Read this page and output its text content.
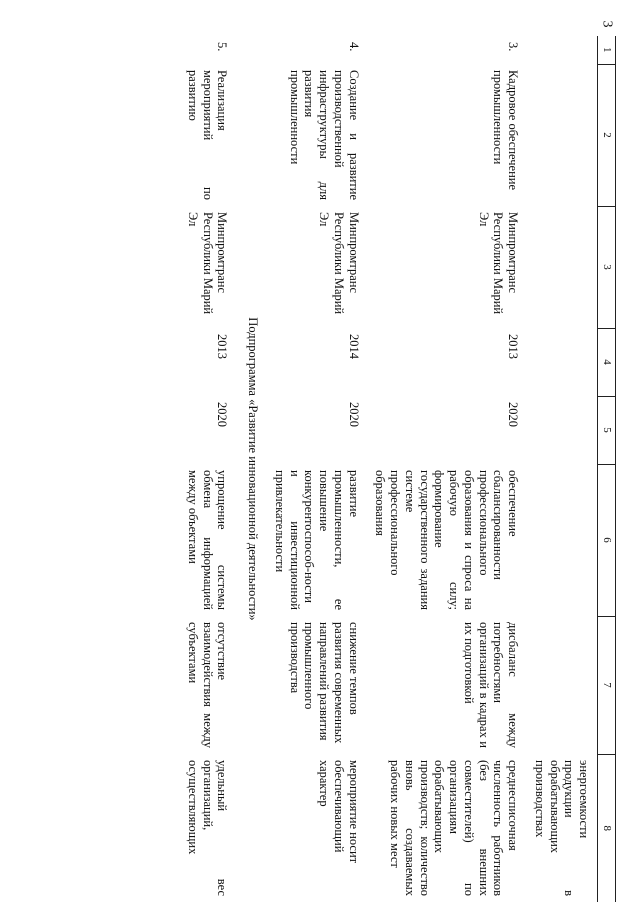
3
1	2	3	4	5	6	7	8
							энергоемкости продукции в обрабатывающих производствах
3.	Кадровое обеспечение промышленности	Минпромтранс Республики Марий Эл	2013	2020	обеспечение сбалансированности профессионального образования и спроса на рабочую силу; формирование государственного задания системе профессионального образования	дисбаланс между потребностями организаций в кадрах и их подготовкой	среднесписочная численность работников (без внешних совместителей) по организациям обрабатывающих производств; количество вновь создаваемых рабочих новых мест
4.	Создание и развитие производственной инфраструктуры для развития промышленности	Минпромтранс Республики Марий Эл	2014	2020	развитие промышленности, ее повышение конкурентоспособ-ности и инвестиционной привлекательности	снижение темпов развития современных направлений развития промышленного производства	мероприятие носит обеспечивающий характер
Подпрограмма «Развитие инновационной деятельности»							
5.	Реализация мероприятий по развитию	Минпромтранс Республики Марий Эл	2013	2020	упрощение системы обмена информацией между объектами	отсутствие взаимодействия между субъектами	удельный вес организаций, осуществляющих
